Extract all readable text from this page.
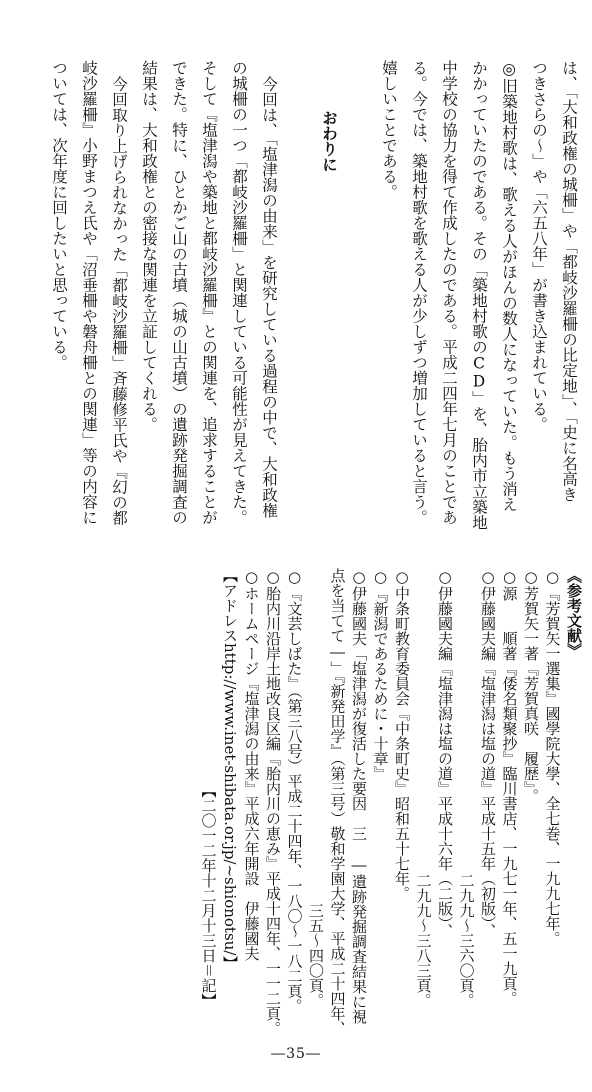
は、「大和政権の城柵」や「都岐沙羅柵の比定地」、「史に名高き
つきさらの〜」や「六五八年」が書き込まれている。
◎旧築地村歌は、歌える人がほんの数人になっていた。もう消え
かかっていたのである。その「築地村歌のCD」を、胎内市立築地
中学校の協力を得て作成したのである。平成二四年七月のことであ
る。今では、築地村歌を歌える人が少しずつ増加していると言う。
嬉しいことである。

おわりに

今回は、「塩津潟の由来」を研究している過程の中で、大和政権
の城柵の一つ「都岐沙羅柵」と関連している可能性が見えてきた。
そして『塩津潟や築地と都岐沙羅柵』との関連を、追求することが
できた。特に、ひとかご山の古墳（城の山古墳）の遺跡発掘調査の
結果は、大和政権との密接な関連を立証してくれる。
今回取り上げられなかった「都岐沙羅柵」斉藤修平氏や『幻の都
岐沙羅柵』小野まつえ氏や「沼垂柵や磐舟柵との関連」等の内容に
ついては、次年度に回したいと思っている。
《参考文献》
○『芳賀矢一選集』國學院大學、全七巻、一九九七年。
○芳賀矢一著『芳賀真咲　履歴』。
○源　　順著『倭名類聚抄』臨川書店、一九七一年、五一九頁。
○伊藤國夫編『塩津潟は塩の道』平成十五年（初版）、
二九九〜三六〇頁。
○伊藤國夫編『塩津潟は塩の道』平成十六年（二版）、
二九九〜三八三頁。
○中条町教育委員会『中条町史』昭和五十七年。
○『新潟であるために・十章』
○伊藤國夫「塩津潟が復活した要因　三　―遺跡発掘調査結果に視
点を当てて―」『新発田学』（第三号）敬和学園大学、平成二十四年、
三五〜四〇頁。
○『文芸しばた』（第三八号）平成二十四年、一八〇〜一八二頁。
○胎内川沿岸土地改良区編『胎内川の恵み』平成十四年、一一二頁。
○ホームページ『塩津潟の由来』平成六年開設　伊藤國夫
【アドレスhttp://www.inet-shibata.or.jp/~shionotsu/】
【二〇一二年十二月十三日＝記】
―35―
